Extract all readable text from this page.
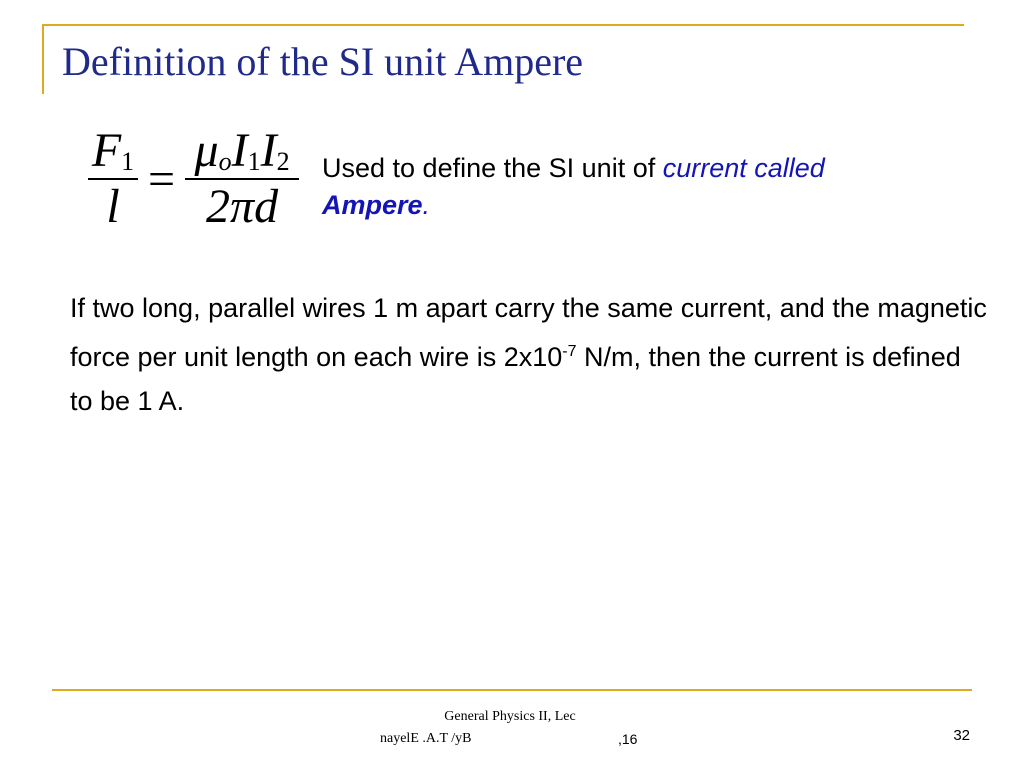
Definition of the SI unit Ampere
$\frac{F1}{l} = \frac{\text{μoI1I2}}{2\pi d}$ Used to define the SI unit of current called
Ampere.

If two long, parallel wires 1 m apart carry the same current, and the magnetic force per unit length on each wire is $2x10^{-7}$ N/m, then the current is defined to be 1 A.

General Physics II, Lec
nayelE .A.T /yB	,16	32
